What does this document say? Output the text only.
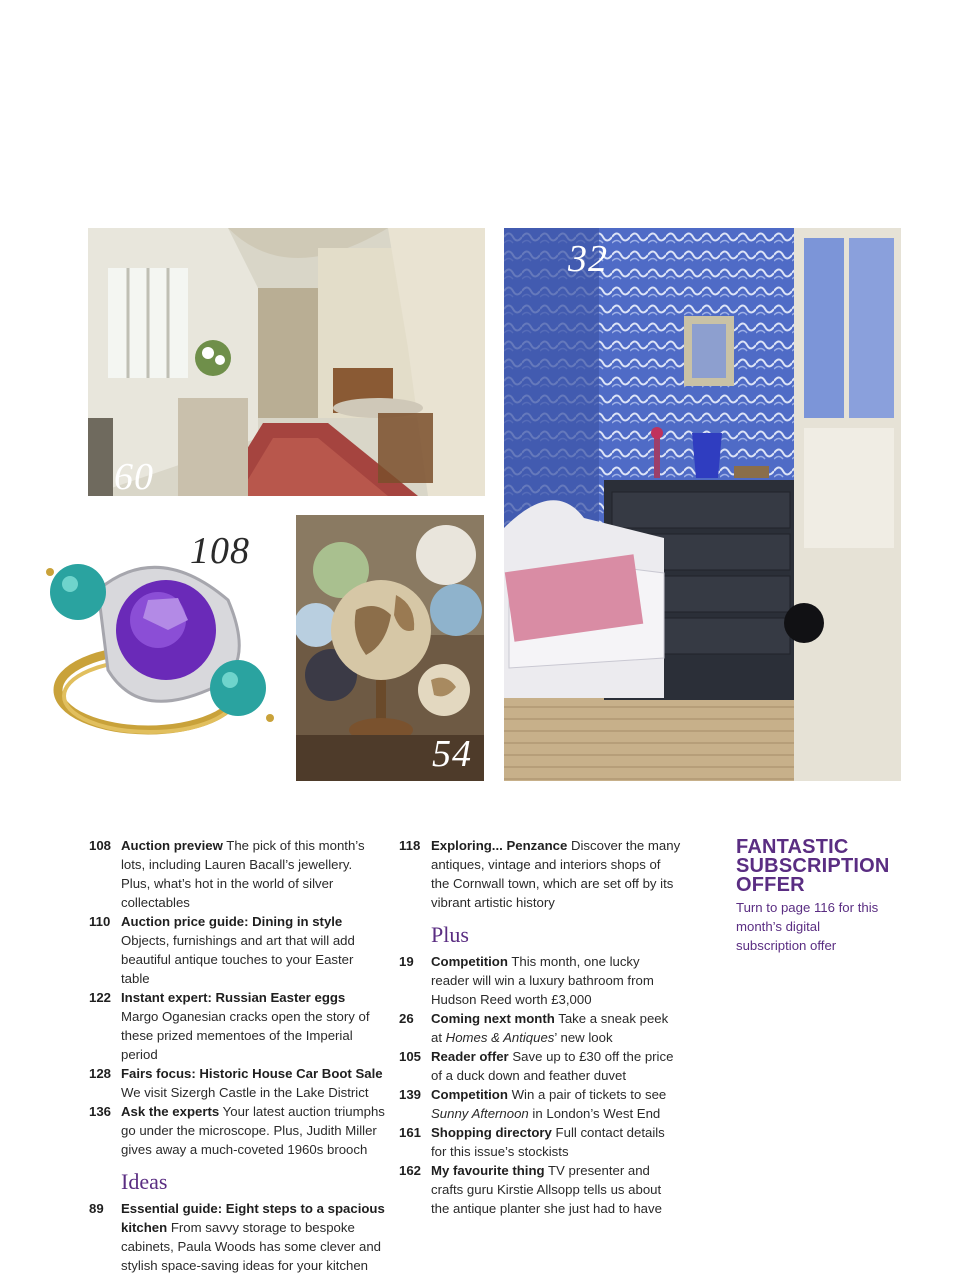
60
32
108
54
108 Auction preview The pick of this month’s lots, including Lauren Bacall’s jewellery. Plus, what’s hot in the world of silver collectables
110 Auction price guide: Dining in style Objects, furnishings and art that will add beautiful antique touches to your Easter table
122 Instant expert: Russian Easter eggs Margo Oganesian cracks open the story of these prized mementoes of the Imperial period
128 Fairs focus: Historic House Car Boot Sale We visit Sizergh Castle in the Lake District
136 Ask the experts Your latest auction triumphs go under the microscope. Plus, Judith Miller gives away a much-coveted 1960s brooch
Ideas
89 Essential guide: Eight steps to a spacious kitchen From savvy storage to bespoke cabinets, Paula Woods has some clever and stylish space-saving ideas for your kitchen
118 Exploring... Penzance Discover the many antiques, vintage and interiors shops of the Cornwall town, which are set off by its vibrant artistic history
Plus
19 Competition This month, one lucky reader will win a luxury bathroom from Hudson Reed worth £3,000
26 Coming next month Take a sneak peek at Homes & Antiques’ new look
105 Reader offer Save up to £30 off the price of a duck down and feather duvet
139 Competition Win a pair of tickets to see Sunny Afternoon in London’s West End
161 Shopping directory Full contact details for this issue’s stockists
162 My favourite thing TV presenter and crafts guru Kirstie Allsopp tells us about the antique planter she just had to have
FANTASTIC
SUBSCRIPTION
OFFER
Turn to page 116 for this month’s digital subscription offer
